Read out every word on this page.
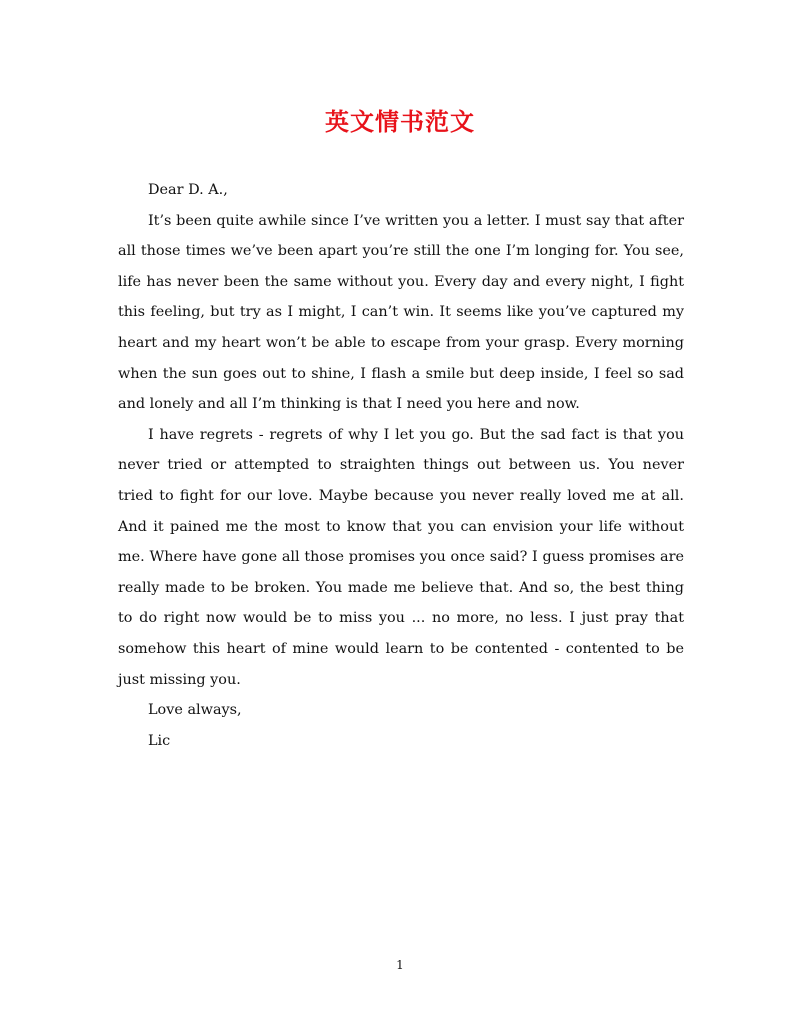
英文情书范文

Dear D. A.,

It’s been quite awhile since I’ve written you a letter. I must say that after all those times we’ve been apart you’re still the one I’m longing for. You see, life has never been the same without you. Every day and every night, I fight this feeling, but try as I might, I can’t win. It seems like you’ve captured my heart and my heart won’t be able to escape from your grasp. Every morning when the sun goes out to shine, I flash a smile but deep inside, I feel so sad and lonely and all I’m thinking is that I need you here and now.

I have regrets - regrets of why I let you go. But the sad fact is that you never tried or attempted to straighten things out between us. You never tried to fight for our love. Maybe because you never really loved me at all. And it pained me the most to know that you can envision your life without me. Where have gone all those promises you once said? I guess promises are really made to be broken. You made me believe that. And so, the best thing to do right now would be to miss you ... no more, no less. I just pray that somehow this heart of mine would learn to be contented - contented to be just missing you.

Love always,

Lic

1
